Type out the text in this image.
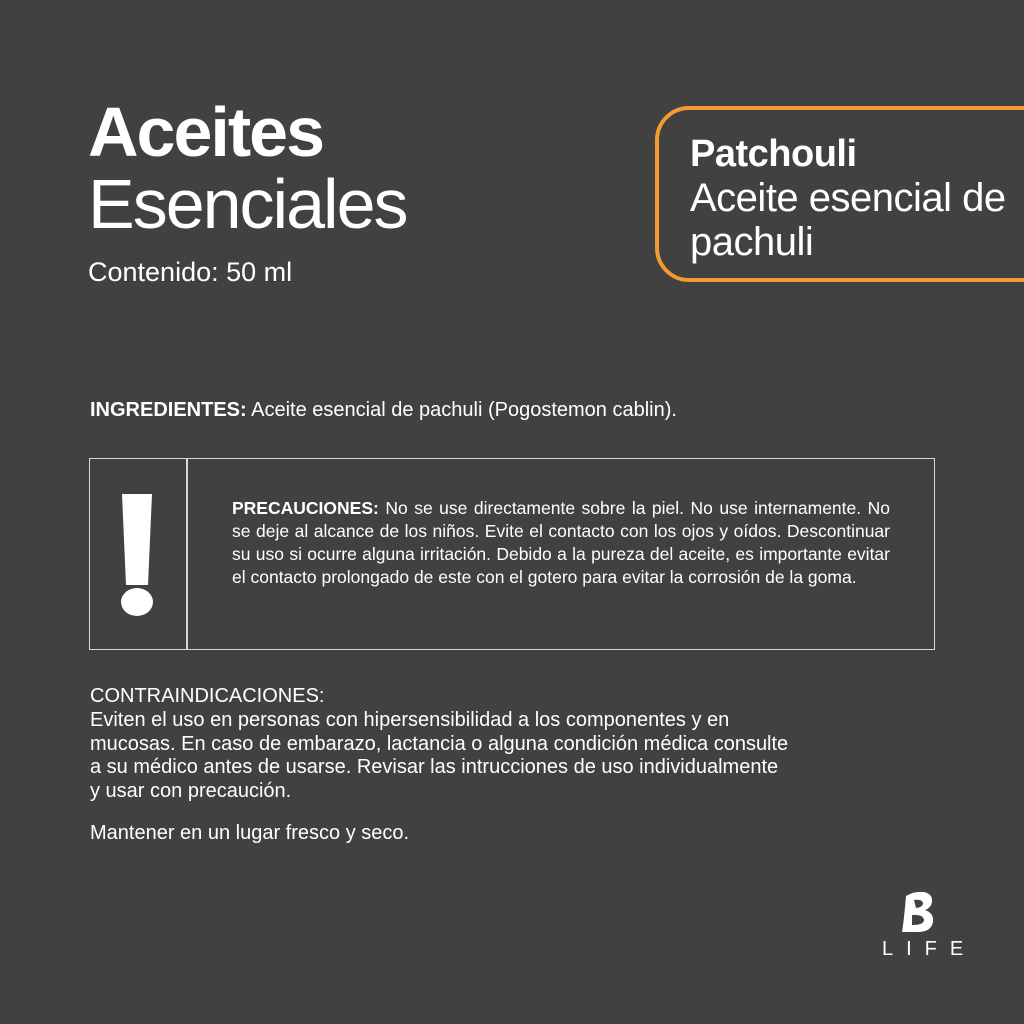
Aceites
Esenciales
Contenido: 50 ml
Patchouli
Aceite esencial de pachuli
INGREDIENTES: Aceite esencial de pachuli (Pogostemon cablin).
PRECAUCIONES: No se use directamente sobre la piel. No use internamente. No se deje al alcance de los niños. Evite el contacto con los ojos y oídos. Descontinuar su uso si ocurre alguna irritación. Debido a la pureza del aceite, es importante evitar el contacto prolongado de este con el gotero para evitar la corrosión de la goma.
CONTRAINDICACIONES:
Eviten el uso en personas con hipersensibilidad a los componentes y en mucosas. En caso de embarazo, lactancia o alguna condición médica consulte a su médico antes de usarse. Revisar las intrucciones de uso individualmente y usar con precaución.
Mantener en un lugar fresco y seco.
LIFE
